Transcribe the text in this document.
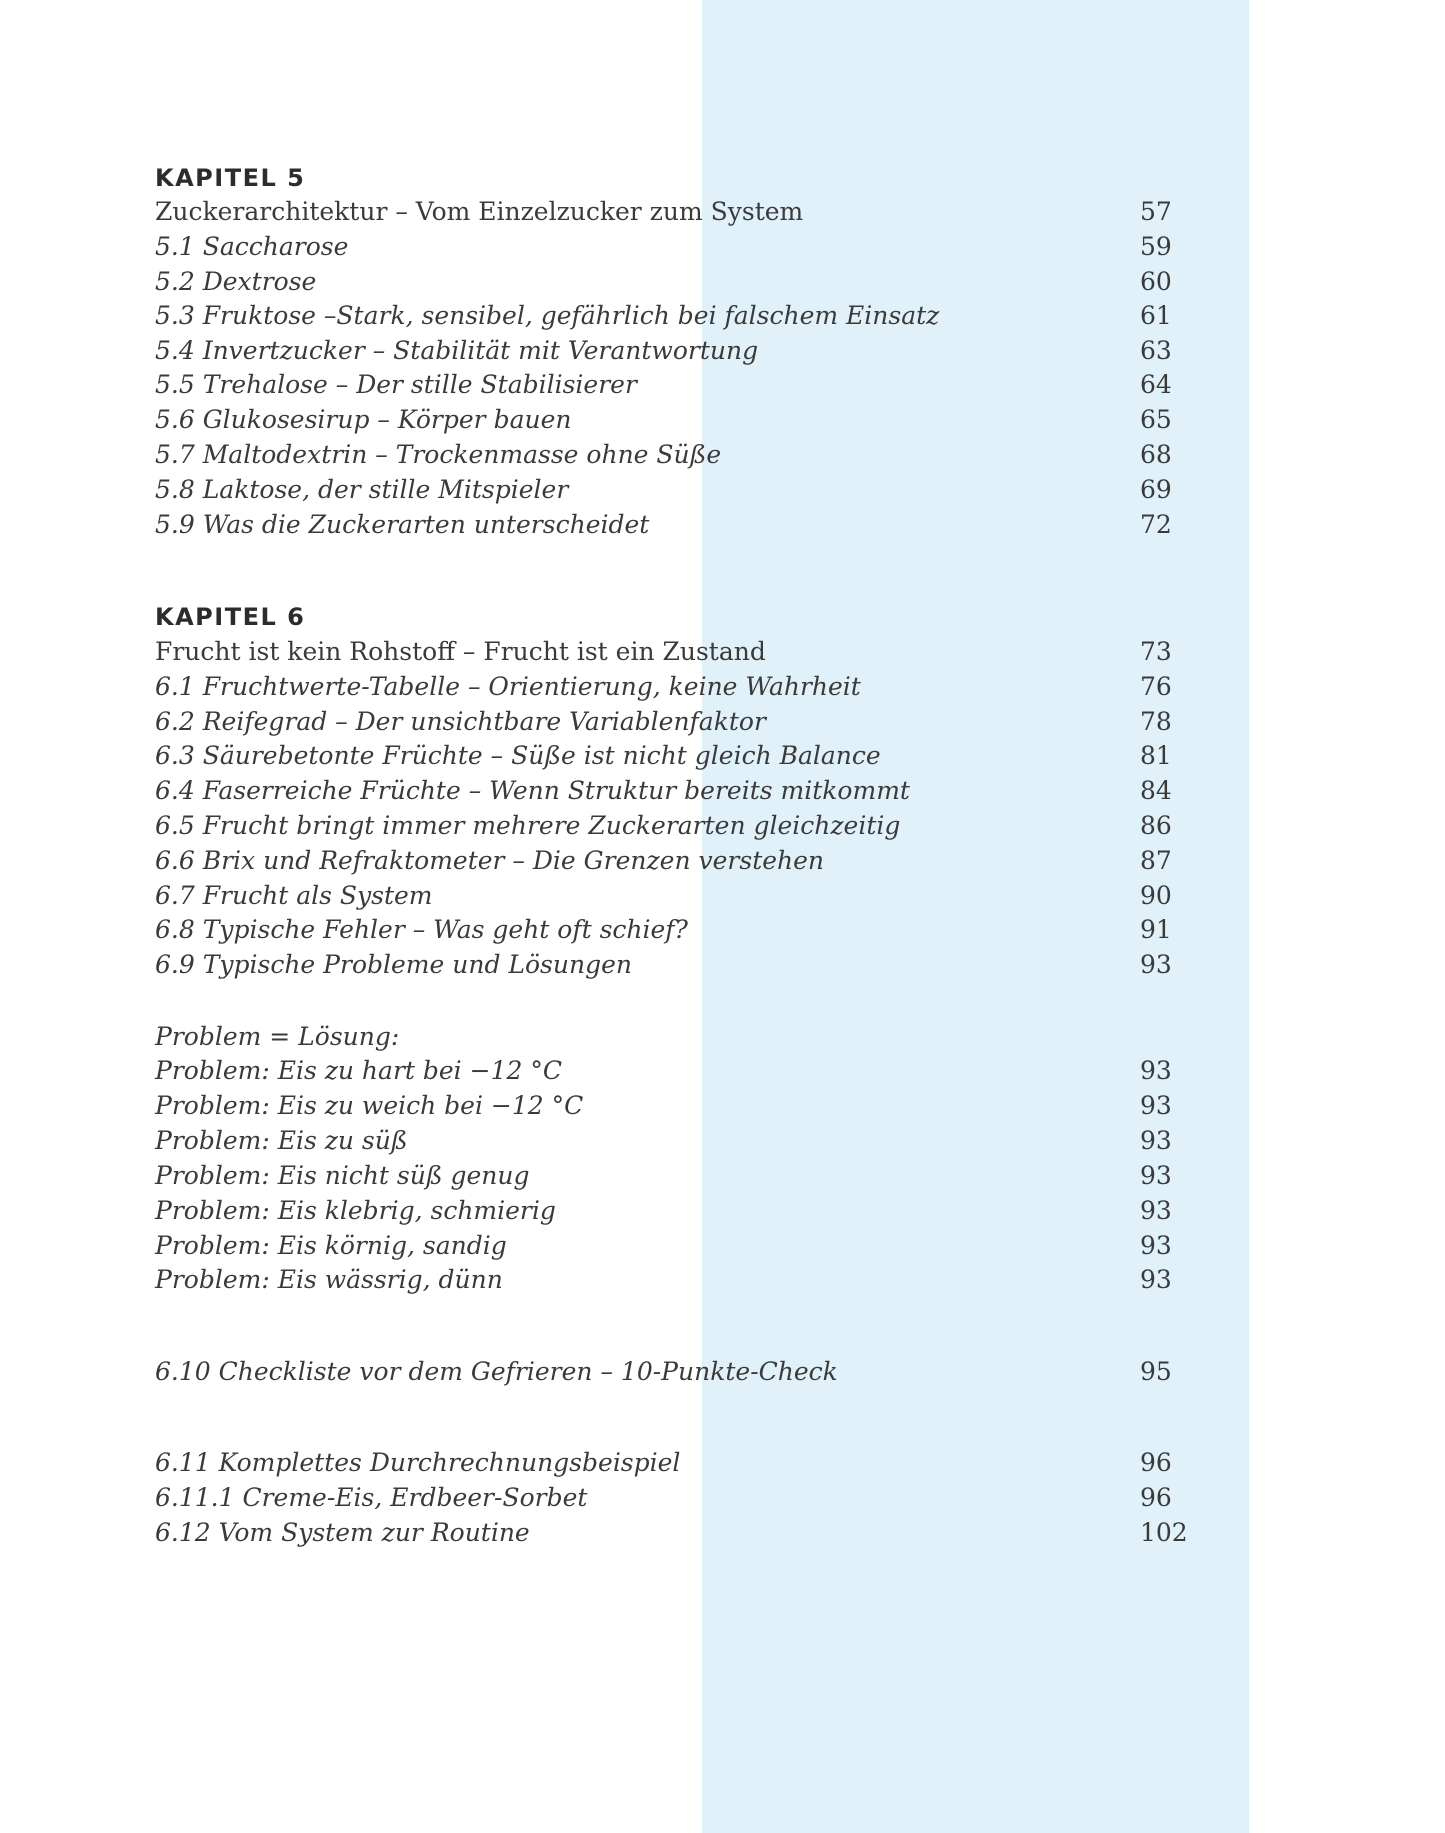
KAPITEL 5
Zuckerarchitektur – Vom Einzelzucker zum System	57
5.1 Saccharose	59
5.2 Dextrose	60
5.3 Fruktose –Stark, sensibel, gefährlich bei falschem Einsatz	61
5.4 Invertzucker – Stabilität mit Verantwortung	63
5.5 Trehalose – Der stille Stabilisierer	64
5.6 Glukosesirup – Körper bauen	65
5.7 Maltodextrin – Trockenmasse ohne Süße	68
5.8 Laktose, der stille Mitspieler	69
5.9 Was die Zuckerarten unterscheidet	72
KAPITEL 6
Frucht ist kein Rohstoff – Frucht ist ein Zustand	73
6.1 Fruchtwerte-Tabelle – Orientierung, keine Wahrheit	76
6.2 Reifegrad – Der unsichtbare Variablenfaktor	78
6.3 Säurebetonte Früchte – Süße ist nicht gleich Balance	81
6.4 Faserreiche Früchte – Wenn Struktur bereits mitkommt	84
6.5 Frucht bringt immer mehrere Zuckerarten gleichzeitig	86
6.6 Brix und Refraktometer – Die Grenzen verstehen	87
6.7 Frucht als System	90
6.8 Typische Fehler – Was geht oft schief?	91
6.9 Typische Probleme und Lösungen	93
Problem = Lösung:
Problem: Eis zu hart bei −12 °C	93
Problem: Eis zu weich bei −12 °C	93
Problem: Eis zu süß	93
Problem: Eis nicht süß genug	93
Problem: Eis klebrig, schmierig	93
Problem: Eis körnig, sandig	93
Problem: Eis wässrig, dünn	93
6.10 Checkliste vor dem Gefrieren – 10-Punkte-Check	95
6.11 Komplettes Durchrechnungsbeispiel	96
6.11.1 Creme-Eis, Erdbeer-Sorbet	96
6.12 Vom System zur Routine	102
